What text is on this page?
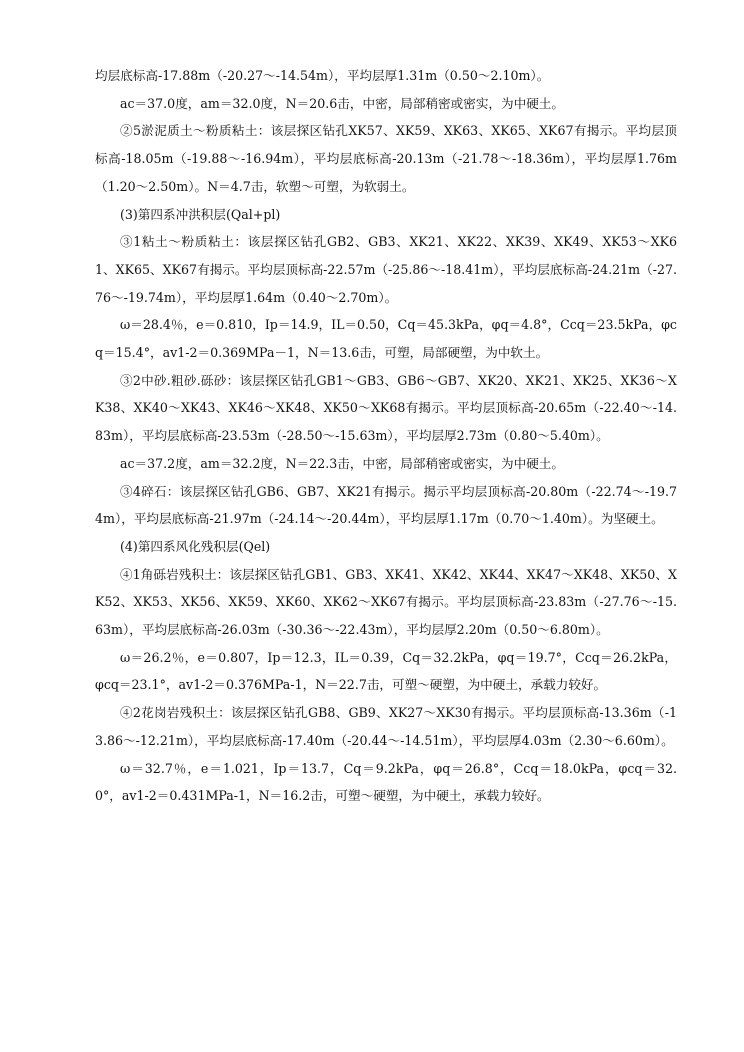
均层底标高-17.88m（-20.27～-14.54m），平均层厚1.31m（0.50～2.10m）。

ac＝37.0度，am＝32.0度，N＝20.6击，中密，局部稍密或密实，为中硬土。

②5淤泥质土～粉质粘土：该层探区钻孔XK57、XK59、XK63、XK65、XK67有揭示。平均层顶标高-18.05m（-19.88～-16.94m），平均层底标高-20.13m（-21.78～-18.36m），平均层厚1.76m（1.20～2.50m）。N＝4.7击，软塑～可塑，为软弱土。

(3)第四系冲洪积层(Qal+pl)

③1粘土～粉质粘土：该层探区钻孔GB2、GB3、XK21、XK22、XK39、XK49、XK53～XK61、XK65、XK67有揭示。平均层顶标高-22.57m（-25.86～-18.41m），平均层底标高-24.21m（-27.76～-19.74m），平均层厚1.64m（0.40～2.70m）。

ω＝28.4％，e＝0.810，Ip＝14.9，IL＝0.50，Cq＝45.3kPa，φq＝4.8°，Ccq＝23.5kPa，φcq＝15.4°，av1-2＝0.369MPa－1，N＝13.6击，可塑，局部硬塑，为中软土。

③2中砂.粗砂.砾砂：该层探区钻孔GB1～GB3、GB6～GB7、XK20、XK21、XK25、XK36～XK38、XK40～XK43、XK46～XK48、XK50～XK68有揭示。平均层顶标高-20.65m（-22.40～-14.83m），平均层底标高-23.53m（-28.50～-15.63m），平均层厚2.73m（0.80～5.40m）。

ac＝37.2度，am＝32.2度，N＝22.3击，中密，局部稍密或密实，为中硬土。

③4碎石：该层探区钻孔GB6、GB7、XK21有揭示。揭示平均层顶标高-20.80m（-22.74～-19.74m），平均层底标高-21.97m（-24.14～-20.44m），平均层厚1.17m（0.70～1.40m）。为坚硬土。

(4)第四系风化残积层(Qel)

④1角砾岩残积土：该层探区钻孔GB1、GB3、XK41、XK42、XK44、XK47～XK48、XK50、XK52、XK53、XK56、XK59、XK60、XK62～XK67有揭示。平均层顶标高-23.83m（-27.76～-15.63m），平均层底标高-26.03m（-30.36～-22.43m），平均层厚2.20m（0.50～6.80m）。

ω＝26.2％，e＝0.807，Ip＝12.3，IL＝0.39，Cq＝32.2kPa，φq＝19.7°，Ccq＝26.2kPa，φcq＝23.1°，av1-2＝0.376MPa-1，N＝22.7击，可塑～硬塑，为中硬土，承载力较好。

④2花岗岩残积土：该层探区钻孔GB8、GB9、XK27～XK30有揭示。平均层顶标高-13.36m（-13.86～-12.21m），平均层底标高-17.40m（-20.44～-14.51m），平均层厚4.03m（2.30～6.60m）。

ω＝32.7％，e＝1.021，Ip＝13.7，Cq＝9.2kPa，φq＝26.8°，Ccq＝18.0kPa，φcq＝32.0°，av1-2＝0.431MPa-1，N＝16.2击，可塑～硬塑，为中硬土，承载力较好。
